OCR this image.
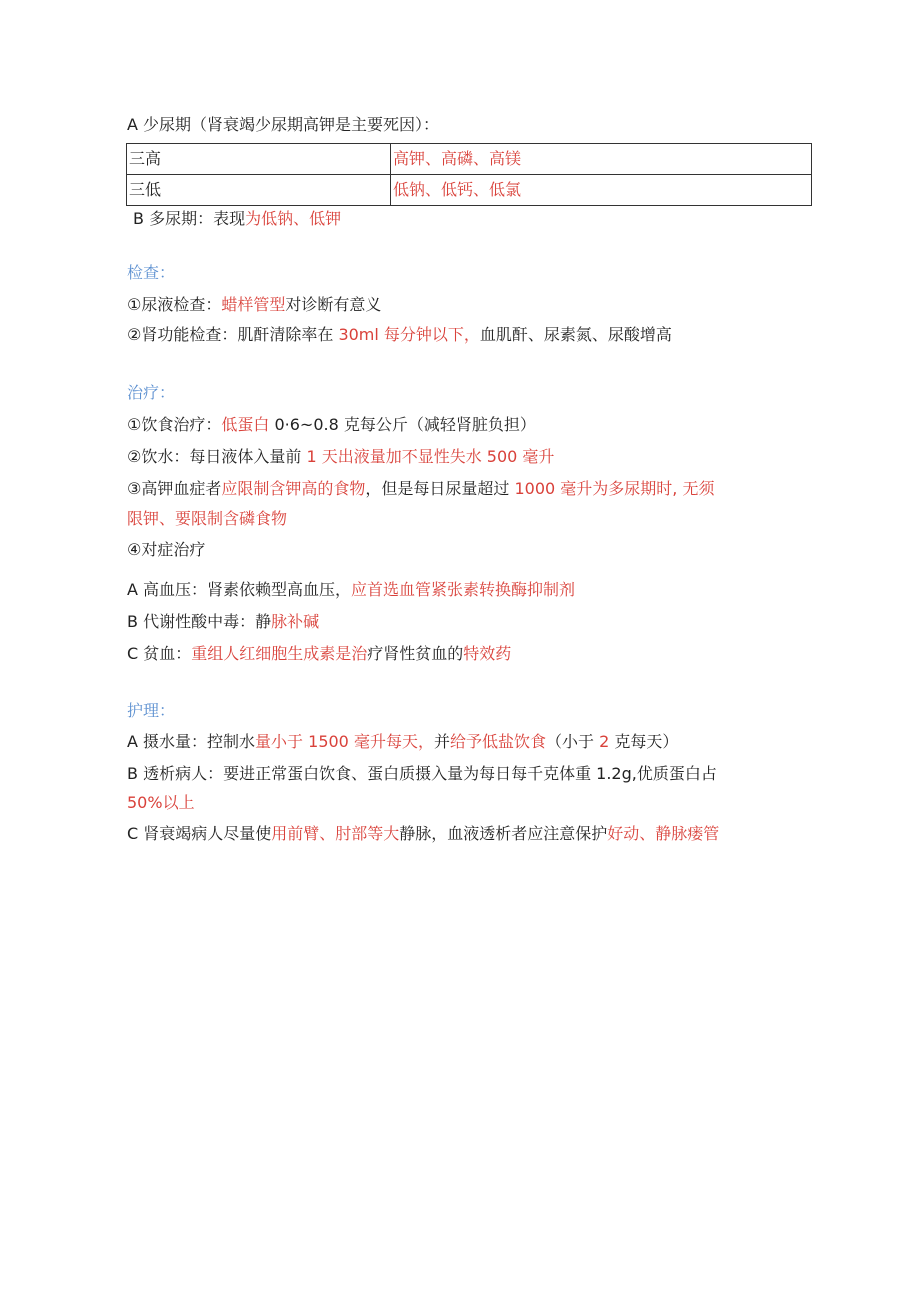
A 少尿期（肾衰竭少尿期高钾是主要死因）：
三高	高钾、高磷、高镁
三低	低钠、低钙、低氯
B 多尿期：表现为低钠、低钾
检查：
①尿液检查：蜡样管型对诊断有意义
②肾功能检查：肌酐清除率在 30ml 每分钟以下，血肌酐、尿素氮、尿酸增高
治疗：
①饮食治疗：低蛋白 0·6~0.8 克每公斤（减轻肾脏负担）
②饮水：每日液体入量前 1 天出液量加不显性失水 500 毫升
③高钾血症者应限制含钾高的食物，但是每日尿量超过 1000 毫升为多尿期时, 无须
限钾、要限制含磷食物
④对症治疗
A 高血压：肾素依赖型高血压，应首选血管紧张素转换酶抑制剂
B 代谢性酸中毒：静脉补碱
C 贫血：重组人红细胞生成素是治疗肾性贫血的特效药
护理：
A 摄水量：控制水量小于 1500 毫升每天，并给予低盐饮食（小于 2 克每天）
B 透析病人：要进正常蛋白饮食、蛋白质摄入量为每日每千克体重 1.2g,优质蛋白占
50%以上
C 肾衰竭病人尽量使用前臂、肘部等大静脉，血液透析者应注意保护好动、静脉瘘管
